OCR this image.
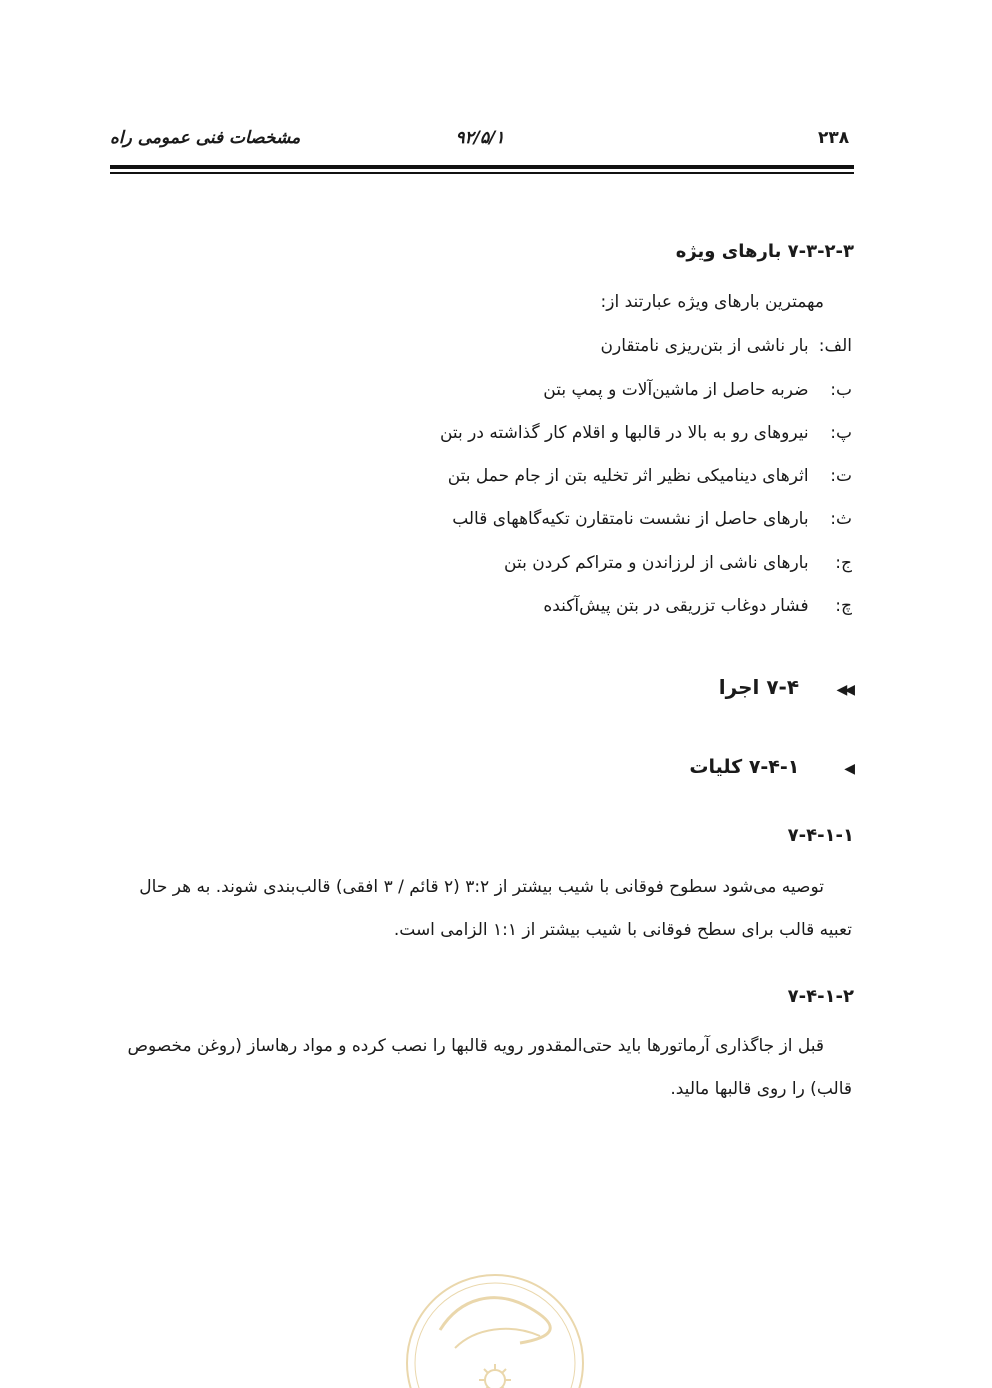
۲۳۸
۹۲/۵/۱
مشخصات فنی عمومی راه
۷-۳-۲-۳ بارهای ویژه
مهمترین بارهای ویژه عبارتند از:
الف: بار ناشی از بتن‌ریزی نامتقارن
ب: ضربه حاصل از ماشین‌آلات و پمپ بتن
پ: نیروهای رو به بالا در قالبها و اقلام کار گذاشته در بتن
ت: اثرهای دینامیکی نظیر اثر تخلیه بتن از جام حمل بتن
ث: بارهای حاصل از نشست نامتقارن تکیه‌گاههای قالب
ج: بارهای ناشی از لرزاندن و متراکم کردن بتن
چ: فشار دوغاب تزریقی در بتن پیش‌آکنده
◀◀ ۷-۴ اجرا
◀ ۷-۴-۱ کلیات
۷-۴-۱-۱
توصیه می‌شود سطوح فوقانی با شیب بیشتر از ۳:۲ (۲ قائم / ۳ افقی) قالب‌بندی شوند. به هر حال
تعبیه قالب برای سطح فوقانی با شیب بیشتر از ۱:۱ الزامی است.
۷-۴-۱-۲
قبل از جاگذاری آرماتورها باید حتی‌المقدور رویه قالبها را نصب کرده و مواد رهاساز (روغن مخصوص
قالب) را روی قالبها مالید.
